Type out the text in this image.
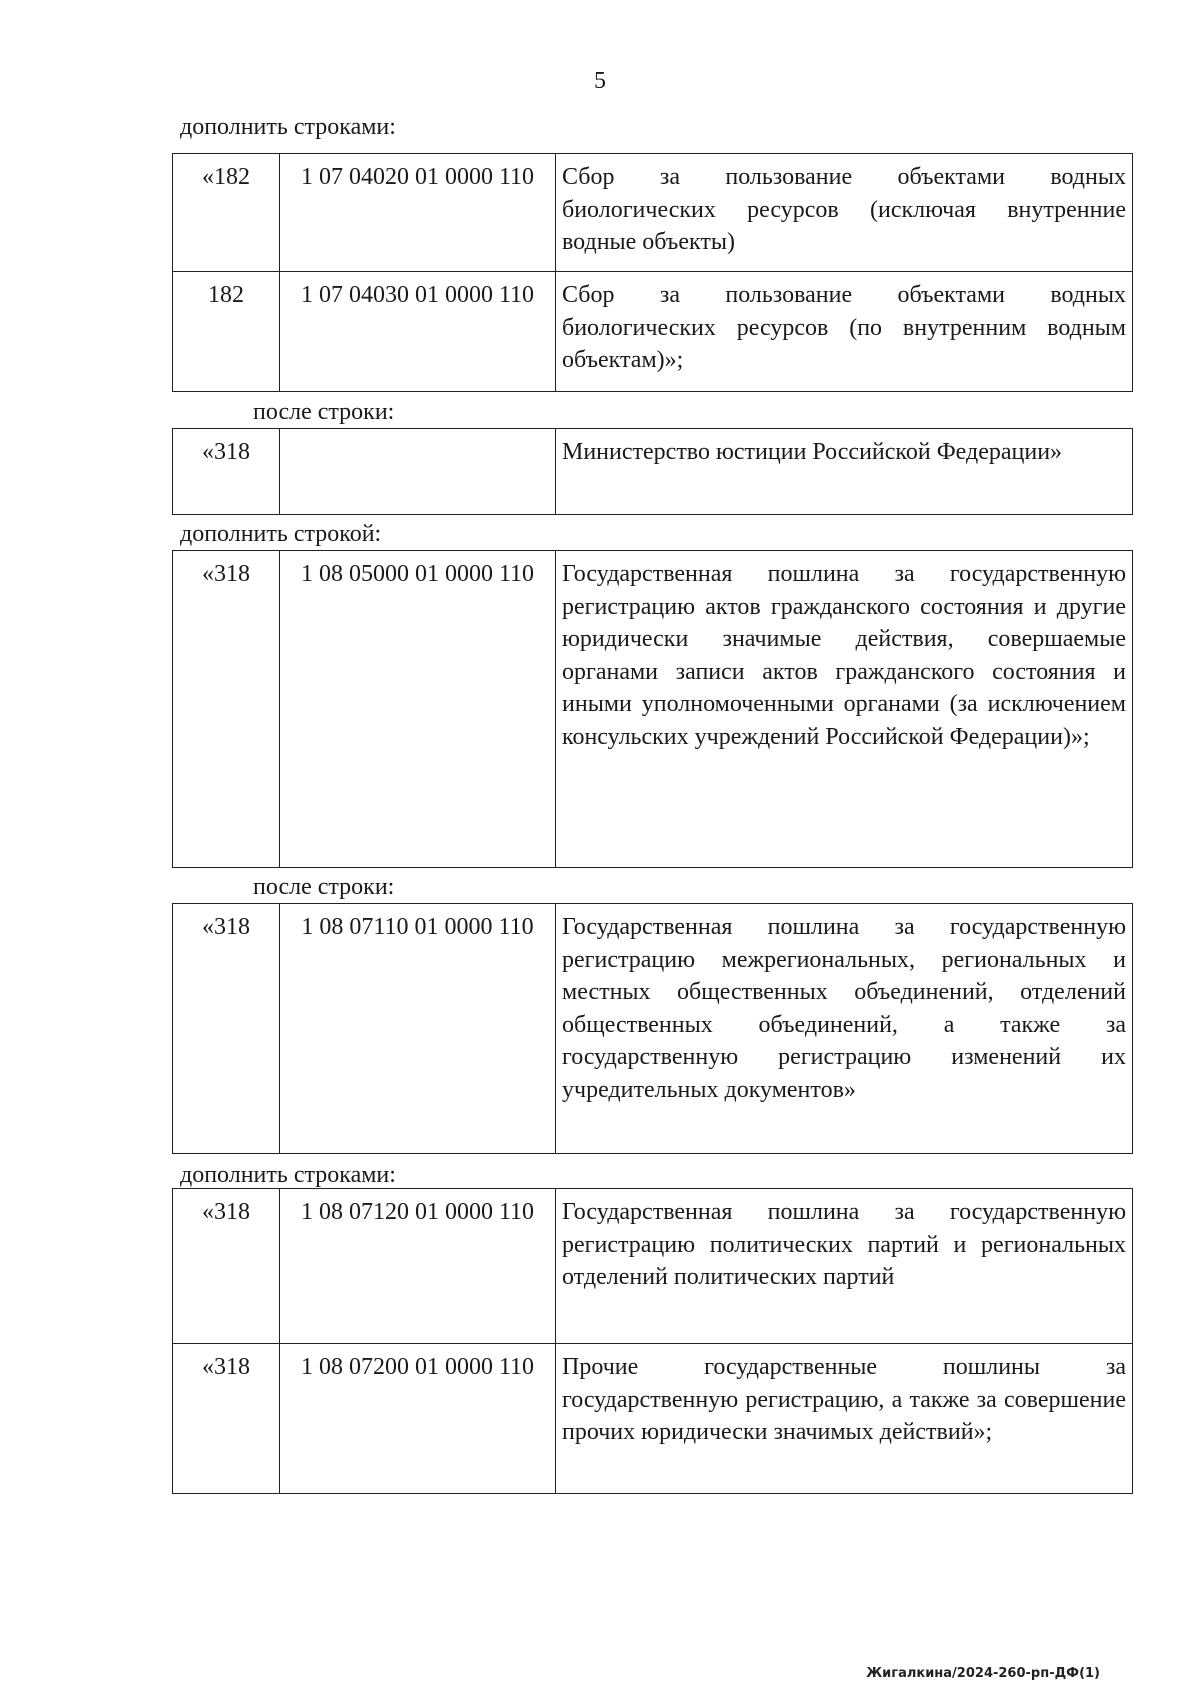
5
дополнить строками:
«182	1 07 04020 01 0000 110	Сбор за пользование объектами водных биологических ресурсов (исключая внутренние водные объекты)
182	1 07 04030 01 0000 110	Сбор за пользование объектами водных биологических ресурсов (по внутренним водным объектам)»;
после строки:
«318		Министерство юстиции Российской Федерации»
дополнить строкой:
«318	1 08 05000 01 0000 110	Государственная пошлина за государственную регистрацию актов гражданского состояния и другие юридически значимые действия, совершаемые органами записи актов гражданского состояния и иными уполномоченными органами (за исключением консульских учреждений Российской Федерации)»;
после строки:
«318	1 08 07110 01 0000 110	Государственная пошлина за государственную регистрацию межрегиональных, региональных и местных общественных объединений, отделений общественных объединений, а также за государственную регистрацию изменений их учредительных документов»
дополнить строками:
«318	1 08 07120 01 0000 110	Государственная пошлина за государственную регистрацию политических партий и региональных отделений политических партий
«318	1 08 07200 01 0000 110	Прочие государственные пошлины за государственную регистрацию, а также за совершение прочих юридически значимых действий»;
Жигалкина/2024-260-рп-ДФ(1)
